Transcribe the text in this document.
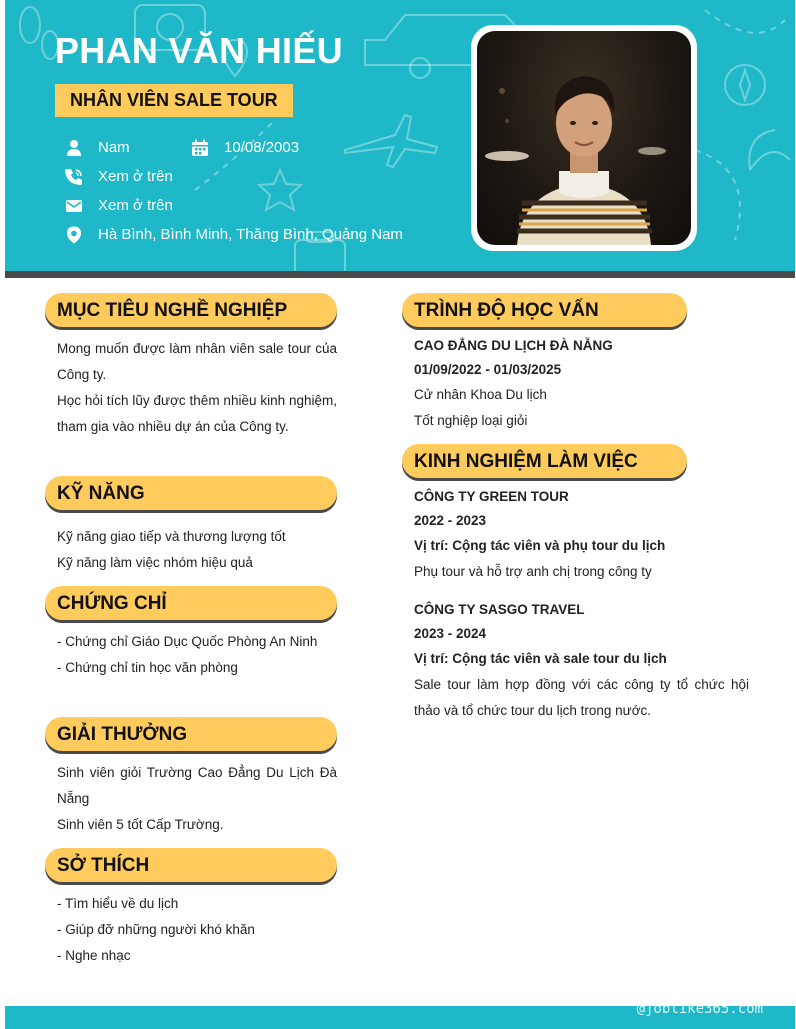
PHAN VĂN HIẾU
NHÂN VIÊN SALE TOUR
Nam	10/08/2003
Xem ở trên
Xem ở trên
Hà Bình, Bình Minh, Thăng Bình, Quảng Nam
MỤC TIÊU NGHỀ NGHIỆP
Mong muốn được làm nhân viên sale tour của Công ty.
Học hỏi tích lũy được thêm nhiều kinh nghiệm, tham gia vào nhiều dự án của Công ty.
KỸ NĂNG
Kỹ năng giao tiếp và thương lượng tốt
Kỹ năng làm việc nhóm hiệu quả
CHỨNG CHỈ
- Chứng chỉ Giáo Dục Quốc Phòng An Ninh
- Chứng chỉ tin học văn phòng
GIẢI THƯỞNG
Sinh viên giỏi Trường Cao Đẳng Du Lịch Đà Nẵng
Sinh viên 5 tốt Cấp Trường.
SỞ THÍCH
- Tìm hiểu về du lịch
- Giúp đỡ những người khó khăn
- Nghe nhạc
TRÌNH ĐỘ HỌC VẤN
CAO ĐẲNG DU LỊCH ĐÀ NẴNG
01/09/2022 - 01/03/2025
Cử nhân Khoa Du lịch
Tốt nghiệp loại giỏi
KINH NGHIỆM LÀM VIỆC
CÔNG TY GREEN TOUR
2022 - 2023
Vị trí: Cộng tác viên và phụ tour du lịch
Phụ tour và hỗ trợ anh chị trong công ty
CÔNG TY SASGO TRAVEL
2023 - 2024
Vị trí: Cộng tác viên và sale tour du lịch
Sale tour làm hợp đồng với các công ty tổ chức hội thảo và tổ chức tour du lịch trong nước.
@joblike365.com
